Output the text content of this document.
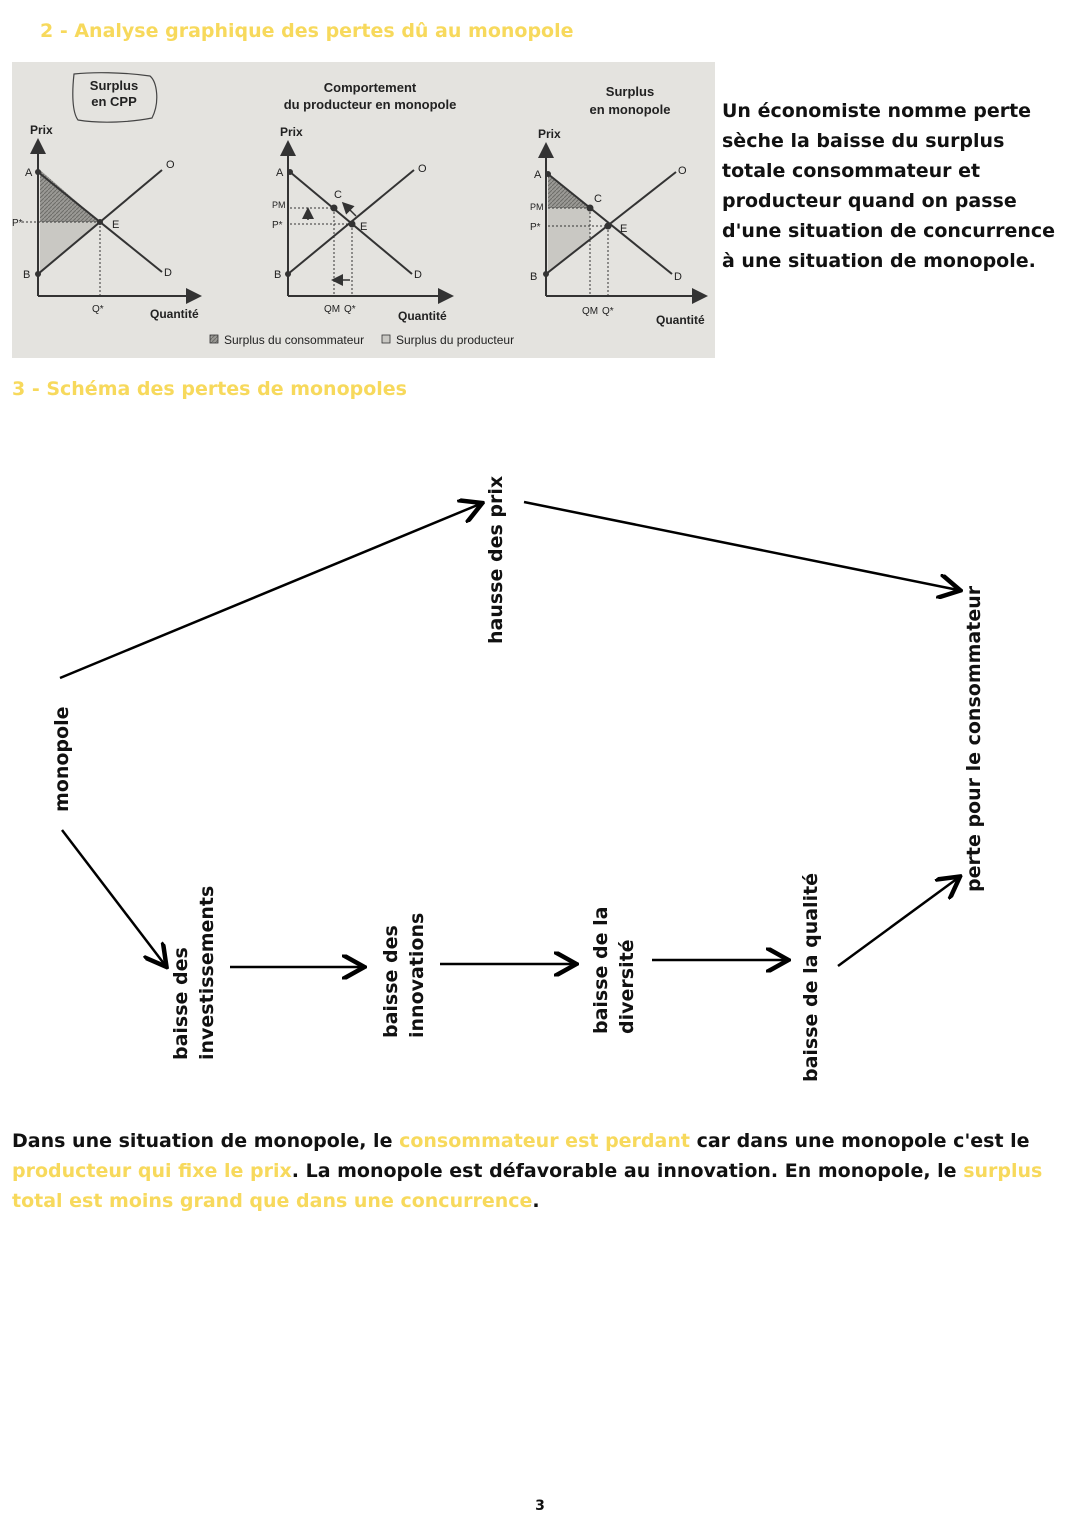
2 - Analyse graphique des pertes dû au monopole
Surplus
en CPP
Prix
A
B
P*	E
O
D
Q*	Quantité
Comportement
du producteur en monopole
Prix
A
B
PM
P*
C
E
O
D
QM Q*	Quantité
Surplus
en monopole
Prix
A
B
PM
P*
C
E
O
D
QM Q*
Quantité
Surplus du consommateur	Surplus du producteur
Un économiste nomme perte sèche la baisse du surplus totale consommateur et producteur quand on passe d'une situation de concurrence à une situation de monopole.
3 - Schéma des pertes de monopoles
monopole
hausse des prix
perte pour le consommateur
baisse des investissements	baisse des innovations	baisse de la diversité	baisse de la qualité
Dans une situation de monopole, le consommateur est perdant car dans une monopole c'est le producteur qui fixe le prix. La monopole est défavorable au innovation. En monopole, le surplus total est moins grand que dans une concurrence.
3
